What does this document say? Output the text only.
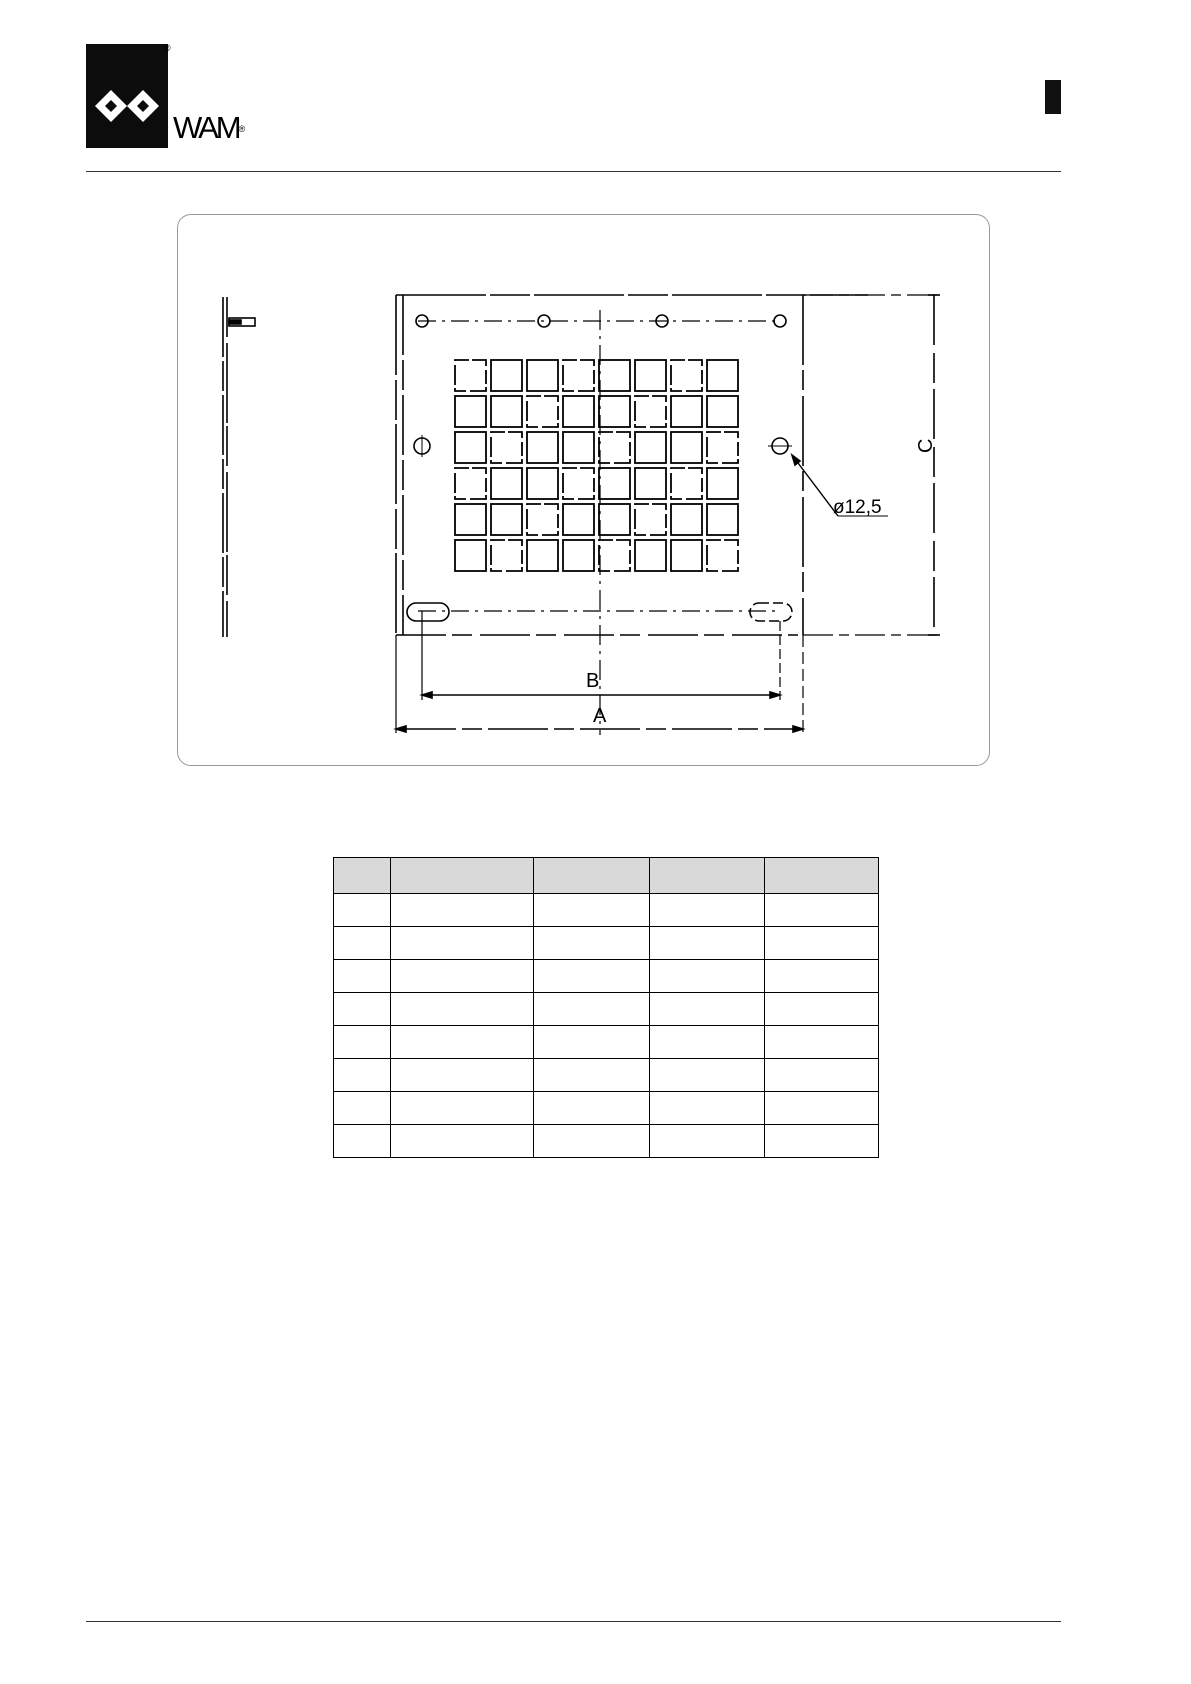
®
WAM®
B
A
C
ø12,5
